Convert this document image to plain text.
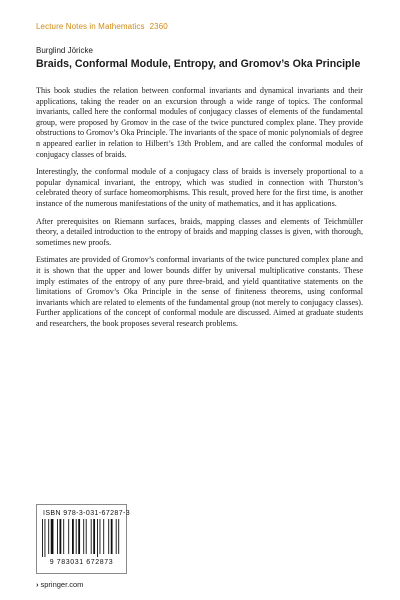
Lecture Notes in Mathematics 2360
Burglind Jöricke
Braids, Conformal Module, Entropy, and Gromov’s Oka Principle

This book studies the relation between conformal invariants and dynamical invariants and their applications, taking the reader on an excursion through a wide range of topics. The conformal invariants, called here the conformal modules of conjugacy classes of elements of the fundamental group, were proposed by Gromov in the case of the twice punctured complex plane. They provide obstructions to Gromov’s Oka Principle. The invariants of the space of monic polynomials of degree n appeared earlier in relation to Hilbert’s 13th Problem, and are called the conformal modules of conjugacy classes of braids.

Interestingly, the conformal module of a conjugacy class of braids is inversely proportional to a popular dynamical invariant, the entropy, which was studied in connection with Thurston’s celebrated theory of surface homeomorphisms. This result, proved here for the first time, is another instance of the numerous manifestations of the unity of mathematics, and it has applications.

After prerequisites on Riemann surfaces, braids, mapping classes and elements of Teichmüller theory, a detailed introduction to the entropy of braids and mapping classes is given, with thorough, sometimes new proofs.

Estimates are provided of Gromov’s conformal invariants of the twice punctured complex plane and it is shown that the upper and lower bounds differ by universal multiplicative constants. These imply estimates of the entropy of any pure three-braid, and yield quantitative statements on the limitations of Gromov’s Oka Principle in the sense of finiteness theorems, using conformal invariants which are related to elements of the fundamental group (not merely to conjugacy classes). Further applications of the concept of conformal module are discussed. Aimed at graduate students and researchers, the book proposes several research problems.

ISBN 978-3-031-67287-3
9 783031 672873
› springer.com
